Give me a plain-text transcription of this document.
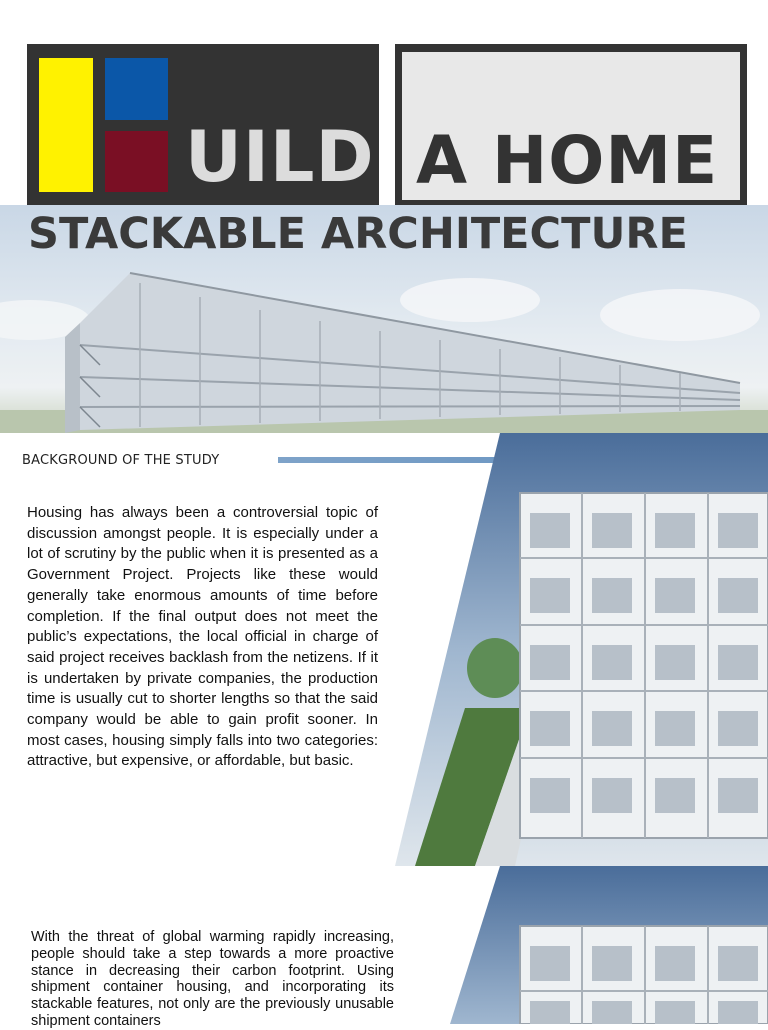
UILD A HOME
STACKABLE ARCHITECTURE
BACKGROUND OF THE STUDY

Housing has always been a controversial topic of discussion amongst people. It is especially under a lot of scrutiny by the public when it is presented as a Government Project. Projects like these would generally take enormous amounts of time before completion. If the final output does not meet the public’s expectations, the local official in charge of said project receives backlash from the netizens. If it is undertaken by private companies, the production time is usually cut to shorter lengths so that the said company would be able to gain profit sooner. In most cases, housing simply falls into two categories: attractive, but expensive, or affordable, but basic.

With the threat of global warming rapidly increasing, people should take a step towards a more proactive stance in decreasing their carbon footprint. Using shipment container housing, and incorporating its stackable features, not only are the previously unusable shipment containers
